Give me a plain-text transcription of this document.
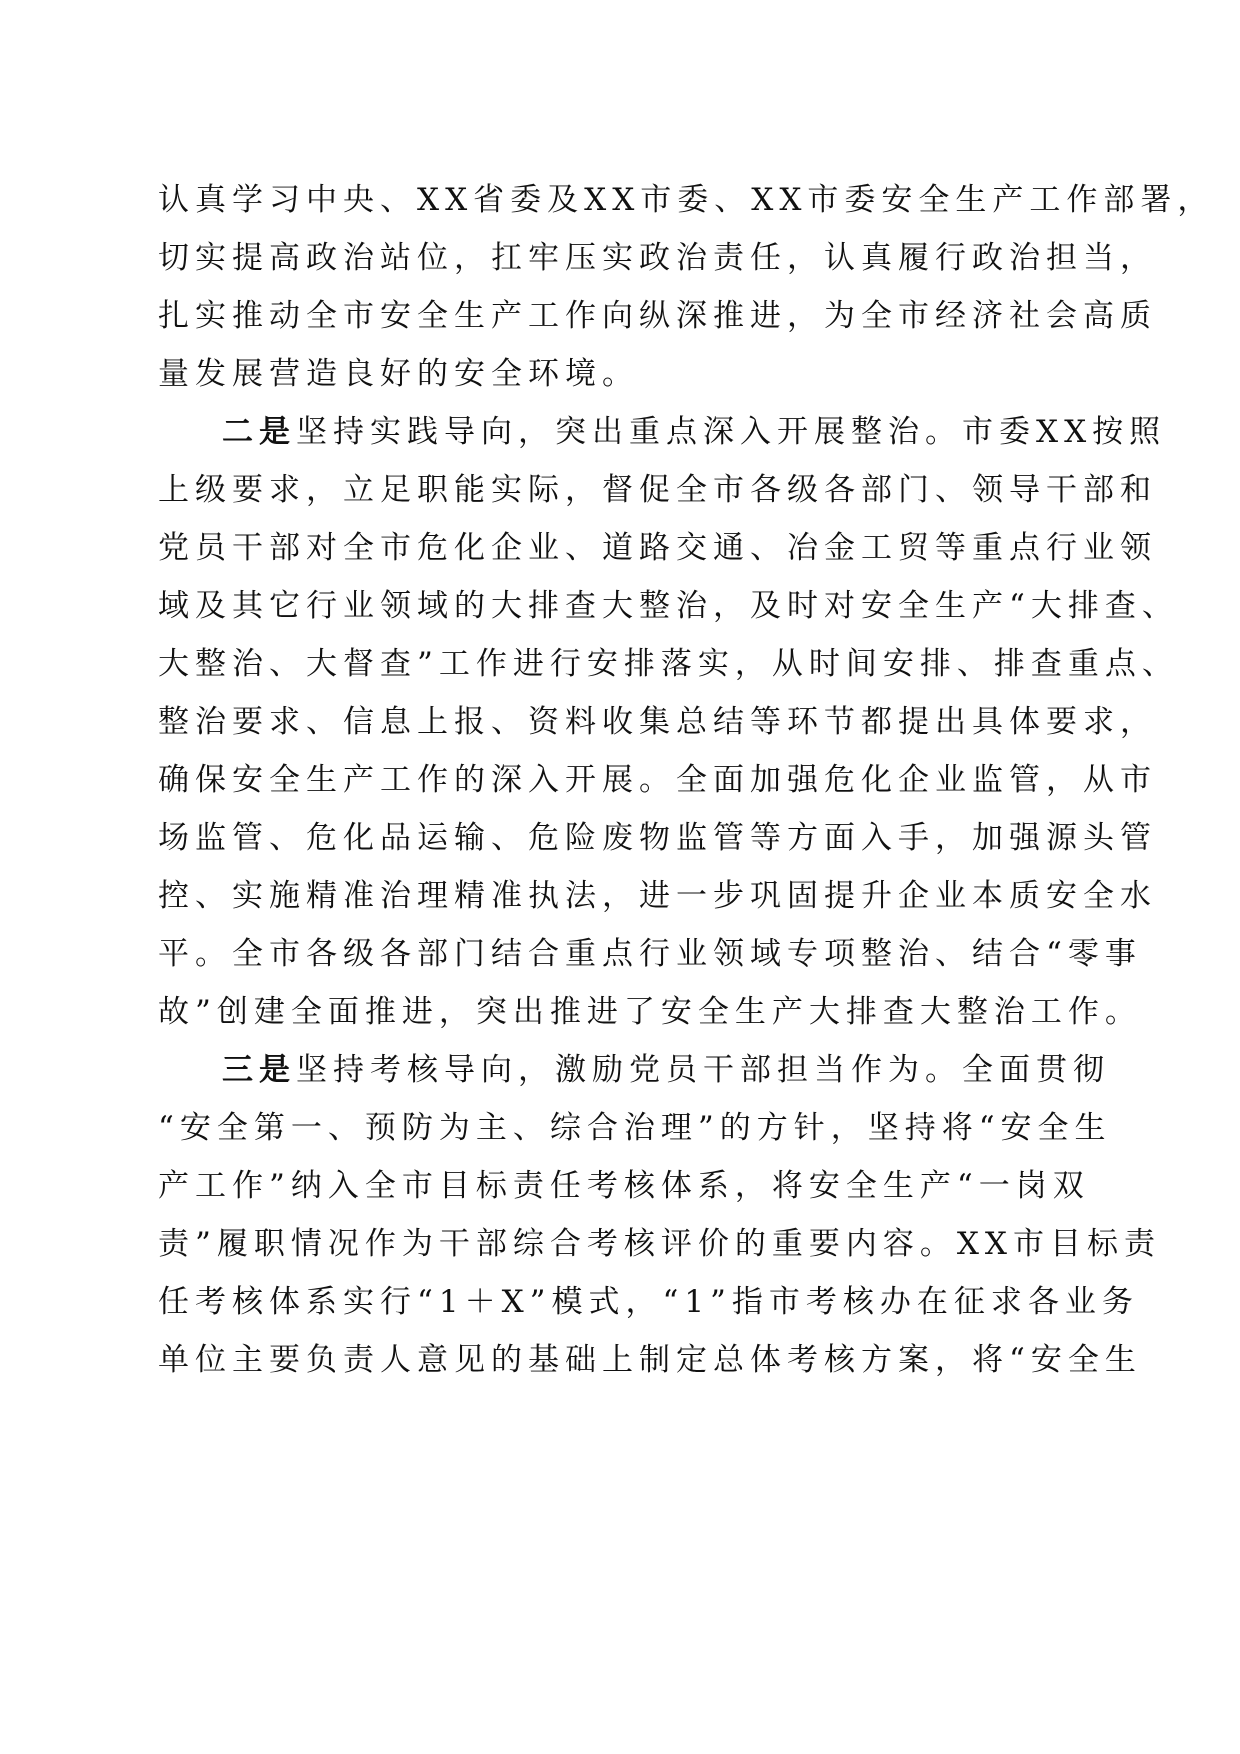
认真学习中央、XX省委及XX市委、XX市委安全生产工作部署，
切实提高政治站位，扛牢压实政治责任，认真履行政治担当，
扎实推动全市安全生产工作向纵深推进，为全市经济社会高质
量发展营造良好的安全环境。
二是坚持实践导向，突出重点深入开展整治。市委XX按照
上级要求，立足职能实际，督促全市各级各部门、领导干部和
党员干部对全市危化企业、道路交通、冶金工贸等重点行业领
域及其它行业领域的大排查大整治，及时对安全生产“大排查、
大整治、大督查”工作进行安排落实，从时间安排、排查重点、
整治要求、信息上报、资料收集总结等环节都提出具体要求，
确保安全生产工作的深入开展。全面加强危化企业监管，从市
场监管、危化品运输、危险废物监管等方面入手，加强源头管
控、实施精准治理精准执法，进一步巩固提升企业本质安全水
平。全市各级各部门结合重点行业领域专项整治、结合“零事
故”创建全面推进，突出推进了安全生产大排查大整治工作。
三是坚持考核导向，激励党员干部担当作为。全面贯彻
“安全第一、预防为主、综合治理”的方针，坚持将“安全生
产工作”纳入全市目标责任考核体系，将安全生产“一岗双
责”履职情况作为干部综合考核评价的重要内容。XX市目标责
任考核体系实行“1＋X”模式，“1”指市考核办在征求各业务
单位主要负责人意见的基础上制定总体考核方案，将“安全生
